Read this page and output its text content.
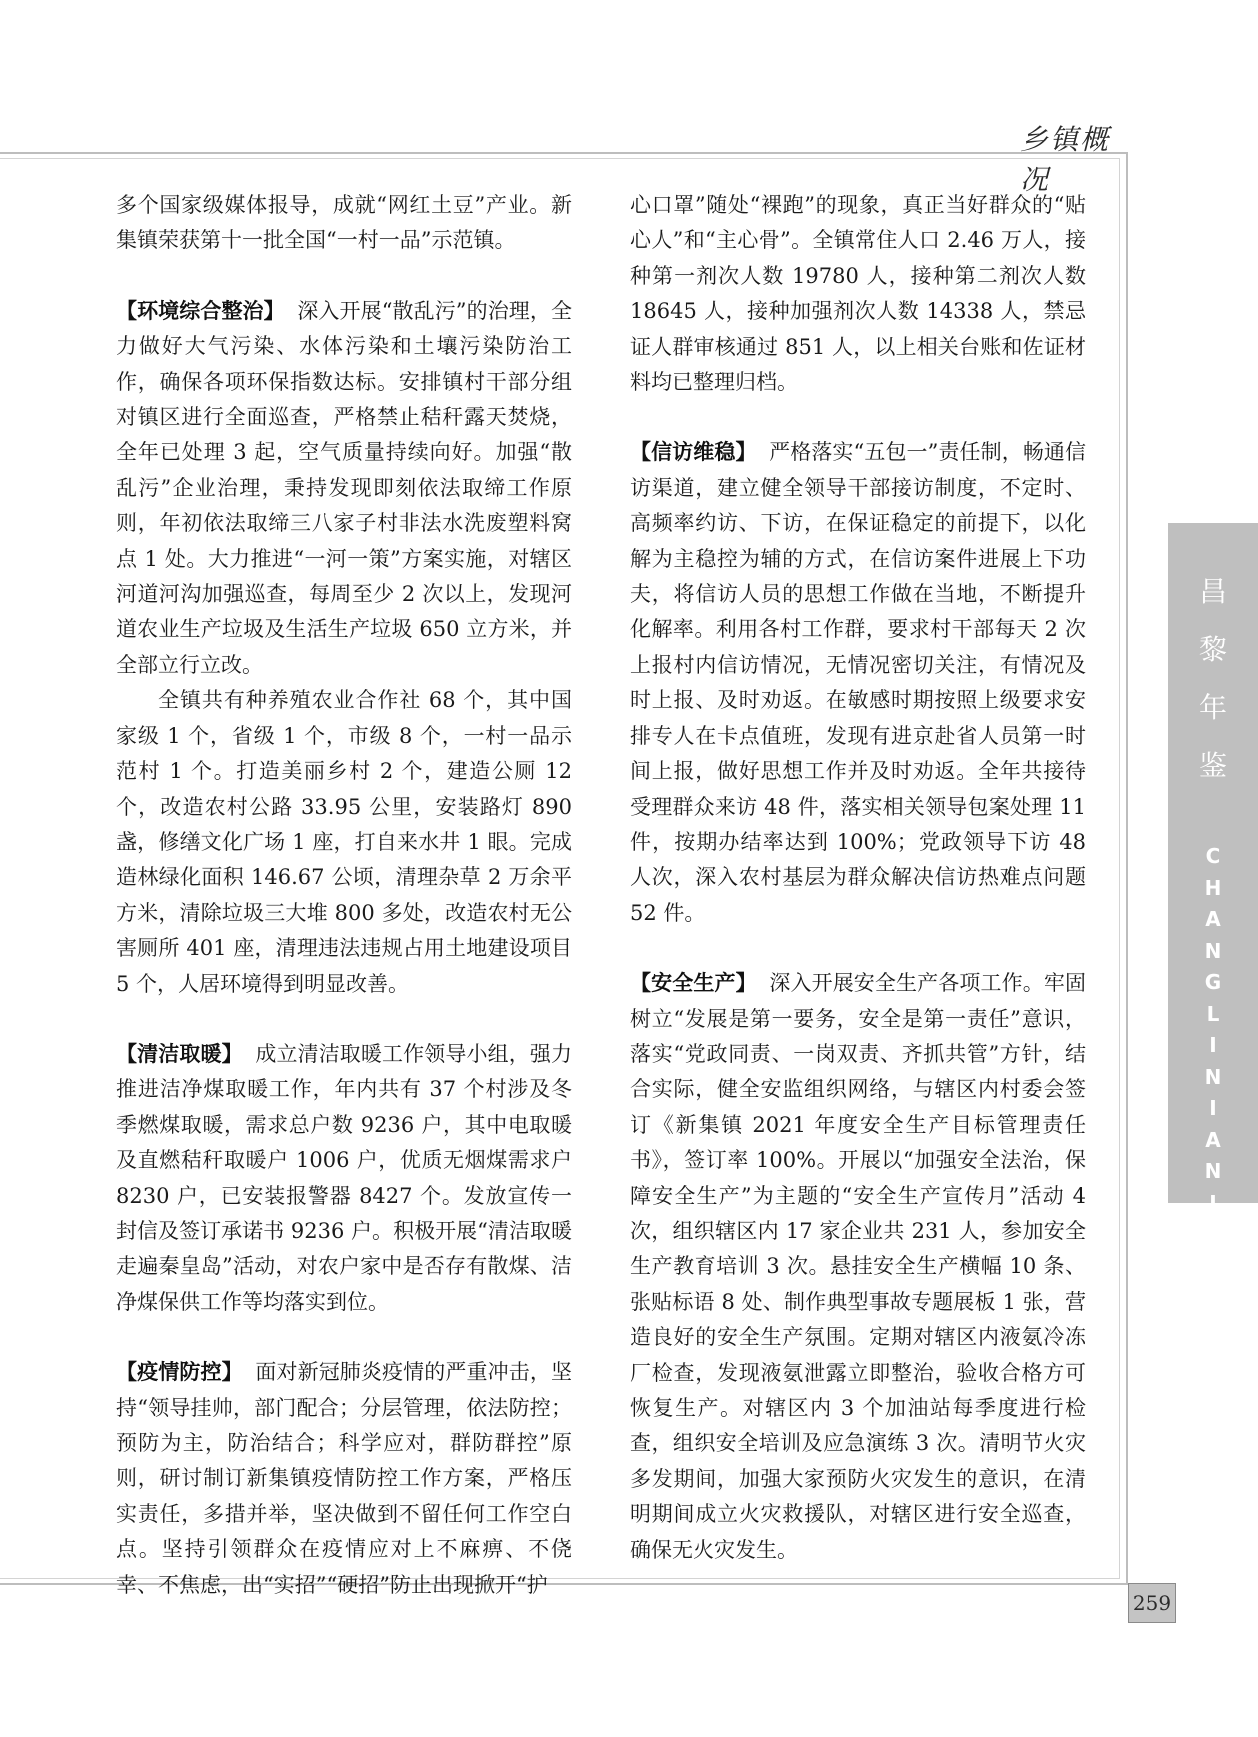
乡镇概况

多个国家级媒体报导，成就“网红土豆”产业。新集镇荣获第十一批全国“一村一品”示范镇。

【环境综合整治】 深入开展“散乱污”的治理，全力做好大气污染、水体污染和土壤污染防治工作，确保各项环保指数达标。安排镇村干部分组对镇区进行全面巡查，严格禁止秸秆露天焚烧，全年已处理 3 起，空气质量持续向好。加强“散乱污”企业治理，秉持发现即刻依法取缔工作原则，年初依法取缔三八家子村非法水洗废塑料窝点 1 处。大力推进“一河一策”方案实施，对辖区河道河沟加强巡查，每周至少 2 次以上，发现河道农业生产垃圾及生活生产垃圾 650 立方米，并全部立行立改。

全镇共有种养殖农业合作社 68 个，其中国家级 1 个，省级 1 个，市级 8 个，一村一品示范村 1 个。打造美丽乡村 2 个，建造公厕 12 个，改造农村公路 33.95 公里，安装路灯 890 盏，修缮文化广场 1 座，打自来水井 1 眼。完成造林绿化面积 146.67 公顷，清理杂草 2 万余平方米，清除垃圾三大堆 800 多处，改造农村无公害厕所 401 座，清理违法违规占用土地建设项目 5 个，人居环境得到明显改善。

【清洁取暖】 成立清洁取暖工作领导小组，强力推进洁净煤取暖工作，年内共有 37 个村涉及冬季燃煤取暖，需求总户数 9236 户，其中电取暖及直燃秸秆取暖户 1006 户，优质无烟煤需求户 8230 户，已安装报警器 8427 个。发放宣传一封信及签订承诺书 9236 户。积极开展“清洁取暖走遍秦皇岛”活动，对农户家中是否存有散煤、洁净煤保供工作等均落实到位。

【疫情防控】 面对新冠肺炎疫情的严重冲击，坚持“领导挂帅，部门配合；分层管理，依法防控；预防为主，防治结合；科学应对，群防群控”原则，研讨制订新集镇疫情防控工作方案，严格压实责任，多措并举，坚决做到不留任何工作空白点。坚持引领群众在疫情应对上不麻痹、不侥幸、不焦虑，出“实招”“硬招”防止出现掀开“护

心口罩”随处“裸跑”的现象，真正当好群众的“贴心人”和“主心骨”。全镇常住人口 2.46 万人，接种第一剂次人数 19780 人，接种第二剂次人数 18645 人，接种加强剂次人数 14338 人，禁忌证人群审核通过 851 人，以上相关台账和佐证材料均已整理归档。

【信访维稳】 严格落实“五包一”责任制，畅通信访渠道，建立健全领导干部接访制度，不定时、高频率约访、下访，在保证稳定的前提下，以化解为主稳控为辅的方式，在信访案件进展上下功夫，将信访人员的思想工作做在当地，不断提升化解率。利用各村工作群，要求村干部每天 2 次上报村内信访情况，无情况密切关注，有情况及时上报、及时劝返。在敏感时期按照上级要求安排专人在卡点值班，发现有进京赴省人员第一时间上报，做好思想工作并及时劝返。全年共接待受理群众来访 48 件，落实相关领导包案处理 11 件，按期办结率达到 100%；党政领导下访 48 人次，深入农村基层为群众解决信访热难点问题 52 件。

【安全生产】 深入开展安全生产各项工作。牢固树立“发展是第一要务，安全是第一责任”意识，落实“党政同责、一岗双责、齐抓共管”方针，结合实际，健全安监组织网络，与辖区内村委会签订《新集镇 2021 年度安全生产目标管理责任书》，签订率 100%。开展以“加强安全法治，保障安全生产”为主题的“安全生产宣传月”活动 4 次，组织辖区内 17 家企业共 231 人，参加安全生产教育培训 3 次。悬挂安全生产横幅 10 条、张贴标语 8 处、制作典型事故专题展板 1 张，营造良好的安全生产氛围。定期对辖区内液氨冷冻厂检查，发现液氨泄露立即整治，验收合格方可恢复生产。对辖区内 3 个加油站每季度进行检查，组织安全培训及应急演练 3 次。清明节火灾多发期间，加强大家预防火灾发生的意识，在清明期间成立火灾救援队，对辖区进行安全巡查，确保无火灾发生。

昌
黎
年
鉴
C
H
A
N
G
L
I
N
I
A
N
J
I
A
N
259
